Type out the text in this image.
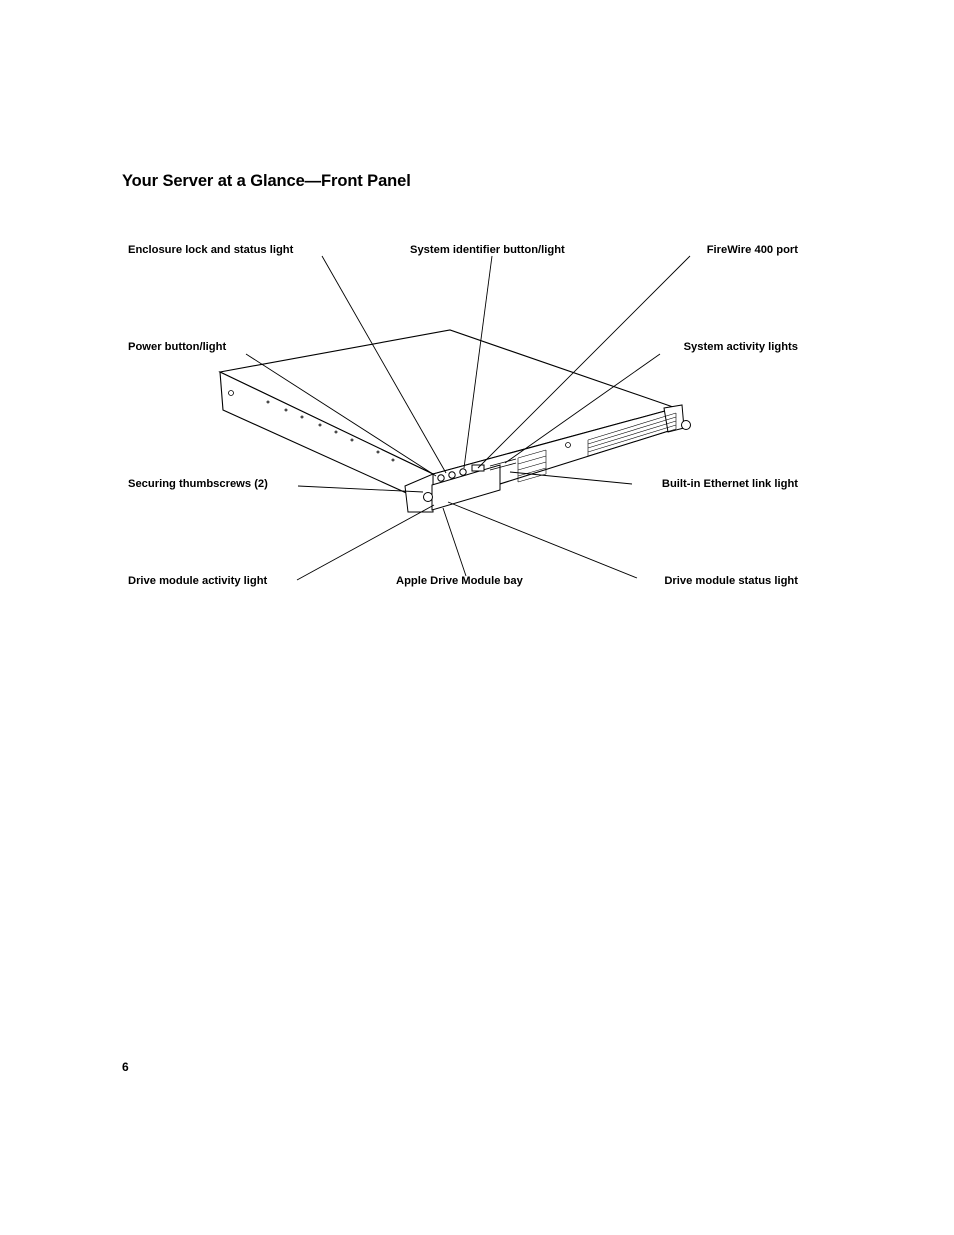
Your Server at a Glance—Front Panel
Enclosure lock and status light	System identifier button/light	FireWire 400 port
Power button/light	System activity lights
Securing thumbscrews (2)	Built-in Ethernet link light
Drive module activity light	Apple Drive Module bay	Drive module status light
6
